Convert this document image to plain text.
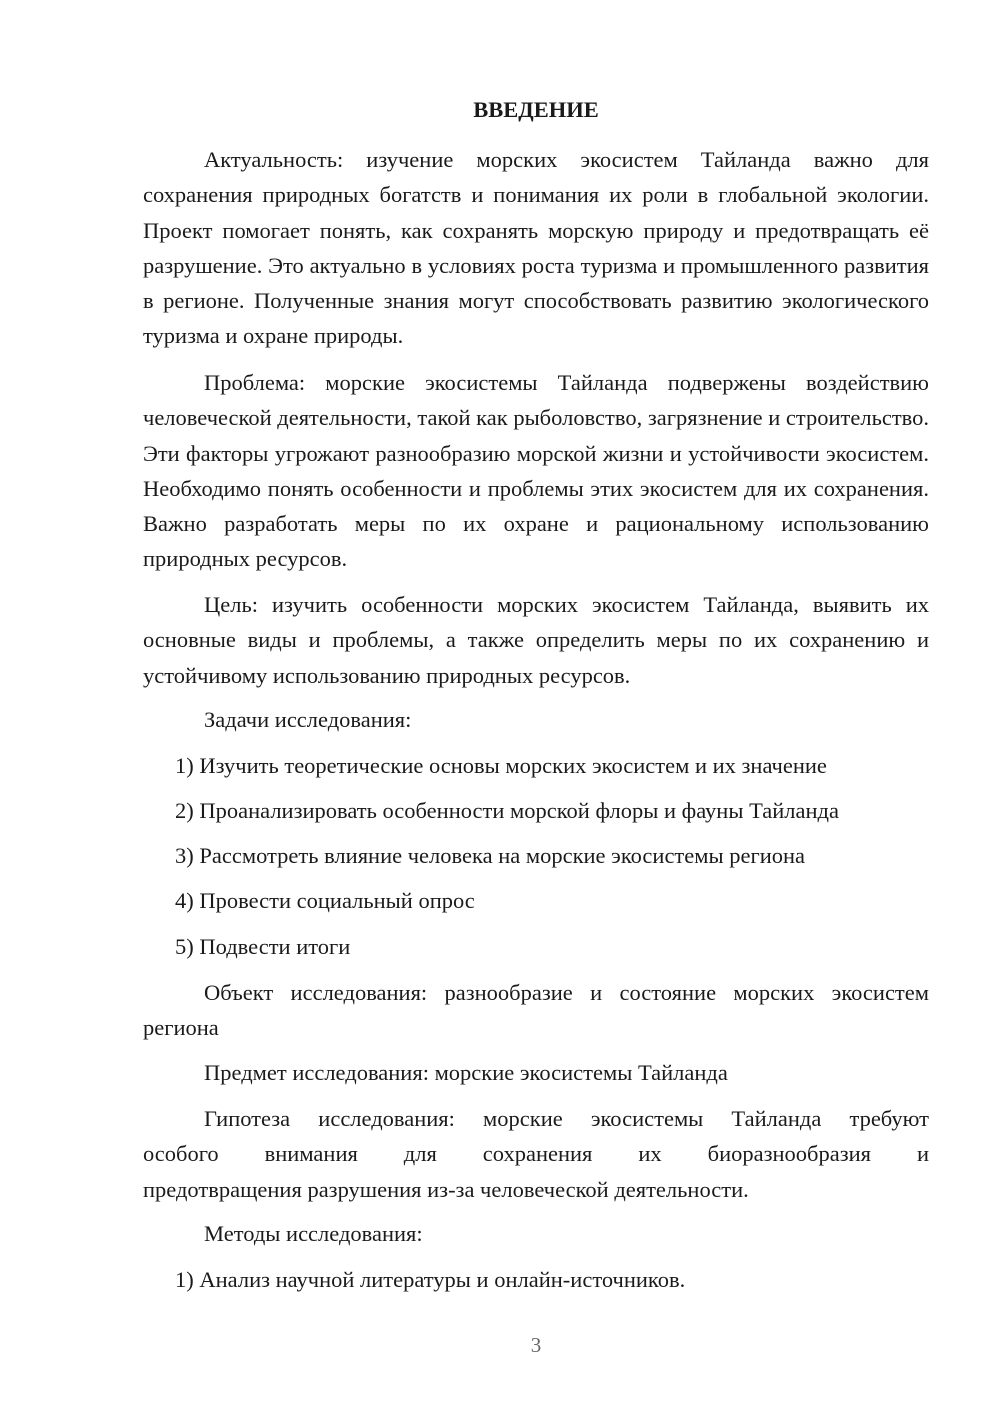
ВВЕДЕНИЕ

Актуальность: изучение морских экосистем Тайланда важно для сохранения природных богатств и понимания их роли в глобальной экологии. Проект помогает понять, как сохранять морскую природу и предотвращать её разрушение. Это актуально в условиях роста туризма и промышленного развития в регионе. Полученные знания могут способствовать развитию экологического туризма и охране природы.

Проблема: морские экосистемы Тайланда подвержены воздействию человеческой деятельности, такой как рыболовство, загрязнение и строительство. Эти факторы угрожают разнообразию морской жизни и устойчивости экосистем. Необходимо понять особенности и проблемы этих экосистем для их сохранения. Важно разработать меры по их охране и рациональному использованию природных ресурсов.

Цель: изучить особенности морских экосистем Тайланда, выявить их основные виды и проблемы, а также определить меры по их сохранению и устойчивому использованию природных ресурсов.

Задачи исследования:

1) Изучить теоретические основы морских экосистем и их значение

2) Проанализировать особенности морской флоры и фауны Тайланда

3) Рассмотреть влияние человека на морские экосистемы региона

4) Провести социальный опрос

5) Подвести итоги

Объект исследования: разнообразие и состояние морских экосистем региона

Предмет исследования: морские экосистемы Тайланда

Гипотеза исследования: морские экосистемы Тайланда требуют

особого внимания для сохранения их биоразнообразия и

предотвращения разрушения из-за человеческой деятельности.

Методы исследования:

1) Анализ научной литературы и онлайн-источников.

3
